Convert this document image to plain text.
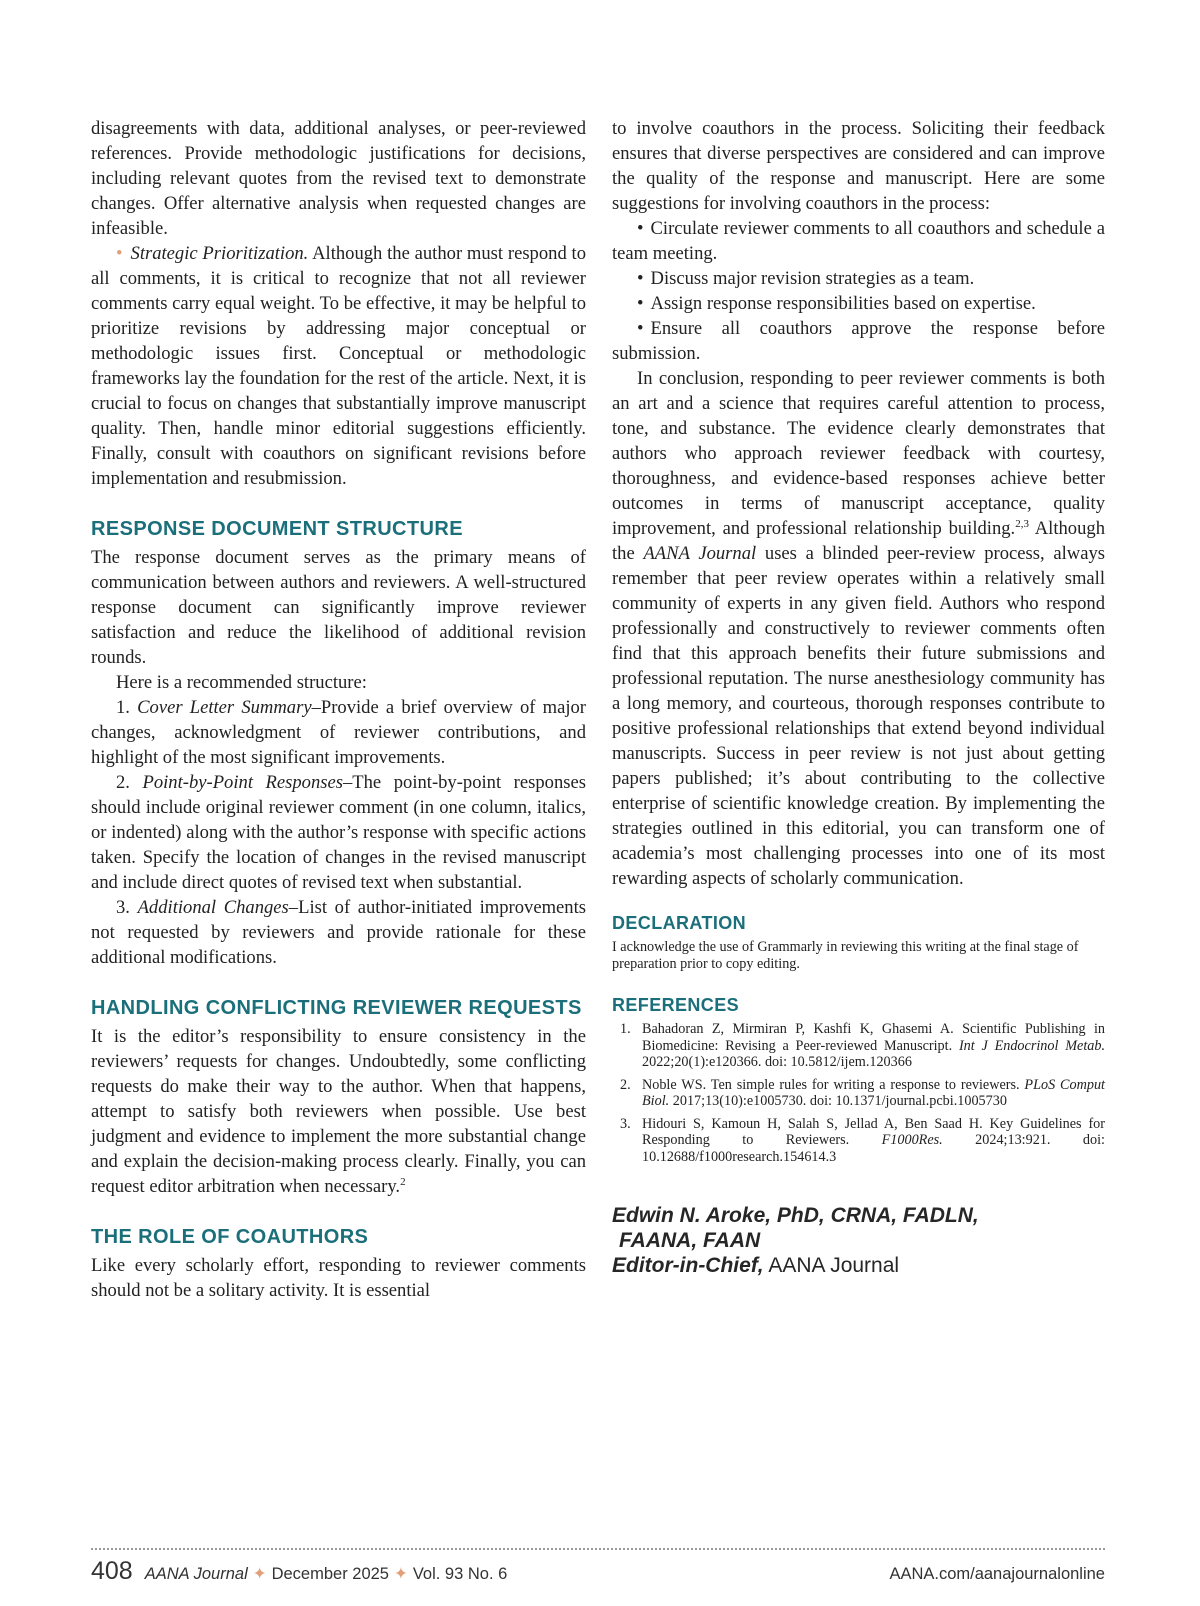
disagreements with data, additional analyses, or peer-reviewed references. Provide methodologic justifications for decisions, including relevant quotes from the revised text to demonstrate changes. Offer alternative analysis when requested changes are infeasible.

• Strategic Prioritization. Although the author must respond to all comments, it is critical to recognize that not all reviewer comments carry equal weight. To be effective, it may be helpful to prioritize revisions by addressing major conceptual or methodologic issues first. Conceptual or methodologic frameworks lay the foundation for the rest of the article. Next, it is crucial to focus on changes that substantially improve manuscript quality. Then, handle minor editorial suggestions efficiently. Finally, consult with coauthors on significant revisions before implementation and resubmission.

RESPONSE DOCUMENT STRUCTURE

The response document serves as the primary means of communication between authors and reviewers. A well-structured response document can significantly improve reviewer satisfaction and reduce the likelihood of additional revision rounds.

Here is a recommended structure:

1. Cover Letter Summary–Provide a brief overview of major changes, acknowledgment of reviewer contributions, and highlight of the most significant improvements.

2. Point-by-Point Responses–The point-by-point responses should include original reviewer comment (in one column, italics, or indented) along with the author’s response with specific actions taken. Specify the location of changes in the revised manuscript and include direct quotes of revised text when substantial.

3. Additional Changes–List of author-initiated improvements not requested by reviewers and provide rationale for these additional modifications.

HANDLING CONFLICTING REVIEWER REQUESTS

It is the editor’s responsibility to ensure consistency in the reviewers’ requests for changes. Undoubtedly, some conflicting requests do make their way to the author. When that happens, attempt to satisfy both reviewers when possible. Use best judgment and evidence to implement the more substantial change and explain the decision-making process clearly. Finally, you can request editor arbitration when necessary.$^2$

THE ROLE OF COAUTHORS

Like every scholarly effort, responding to reviewer comments should not be a solitary activity. It is essential

to involve coauthors in the process. Soliciting their feedback ensures that diverse perspectives are considered and can improve the quality of the response and manuscript. Here are some suggestions for involving coauthors in the process:

• Circulate reviewer comments to all coauthors and schedule a team meeting.

• Discuss major revision strategies as a team.

• Assign response responsibilities based on expertise.

• Ensure all coauthors approve the response before submission.

In conclusion, responding to peer reviewer comments is both an art and a science that requires careful attention to process, tone, and substance. The evidence clearly demonstrates that authors who approach reviewer feedback with courtesy, thoroughness, and evidence-based responses achieve better outcomes in terms of manuscript acceptance, quality improvement, and professional relationship building.$^{2,3}$ Although the AANA Journal uses a blinded peer-review process, always remember that peer review operates within a relatively small community of experts in any given field. Authors who respond professionally and constructively to reviewer comments often find that this approach benefits their future submissions and professional reputation. The nurse anesthesiology community has a long memory, and courteous, thorough responses contribute to positive professional relationships that extend beyond individual manuscripts. Success in peer review is not just about getting papers published; it’s about contributing to the collective enterprise of scientific knowledge creation. By implementing the strategies outlined in this editorial, you can transform one of academia’s most challenging processes into one of its most rewarding aspects of scholarly communication.

DECLARATION

I acknowledge the use of Grammarly in reviewing this writing at the final stage of preparation prior to copy editing.

REFERENCES
1. Bahadoran Z, Mirmiran P, Kashfi K, Ghasemi A. Scientific Publishing in Biomedicine: Revising a Peer-reviewed Manuscript. Int J Endocrinol Metab. 2022;20(1):e120366. doi: 10.5812/ijem.120366
2. Noble WS. Ten simple rules for writing a response to reviewers. PLoS Comput Biol. 2017;13(10):e1005730. doi: 10.1371/journal.pcbi.1005730
3. Hidouri S, Kamoun H, Salah S, Jellad A, Ben Saad H. Key Guidelines for Responding to Reviewers. F1000Res. 2024;13:921. doi: 10.12688/f1000research.154614.3
Edwin N. Aroke, PhD, CRNA, FADLN,
FAANA, FAAN
Editor-in-Chief, AANA Journal
408 AANA Journal ✦ December 2025 ✦ Vol. 93 No. 6	AANA.com/aanajournalonline
